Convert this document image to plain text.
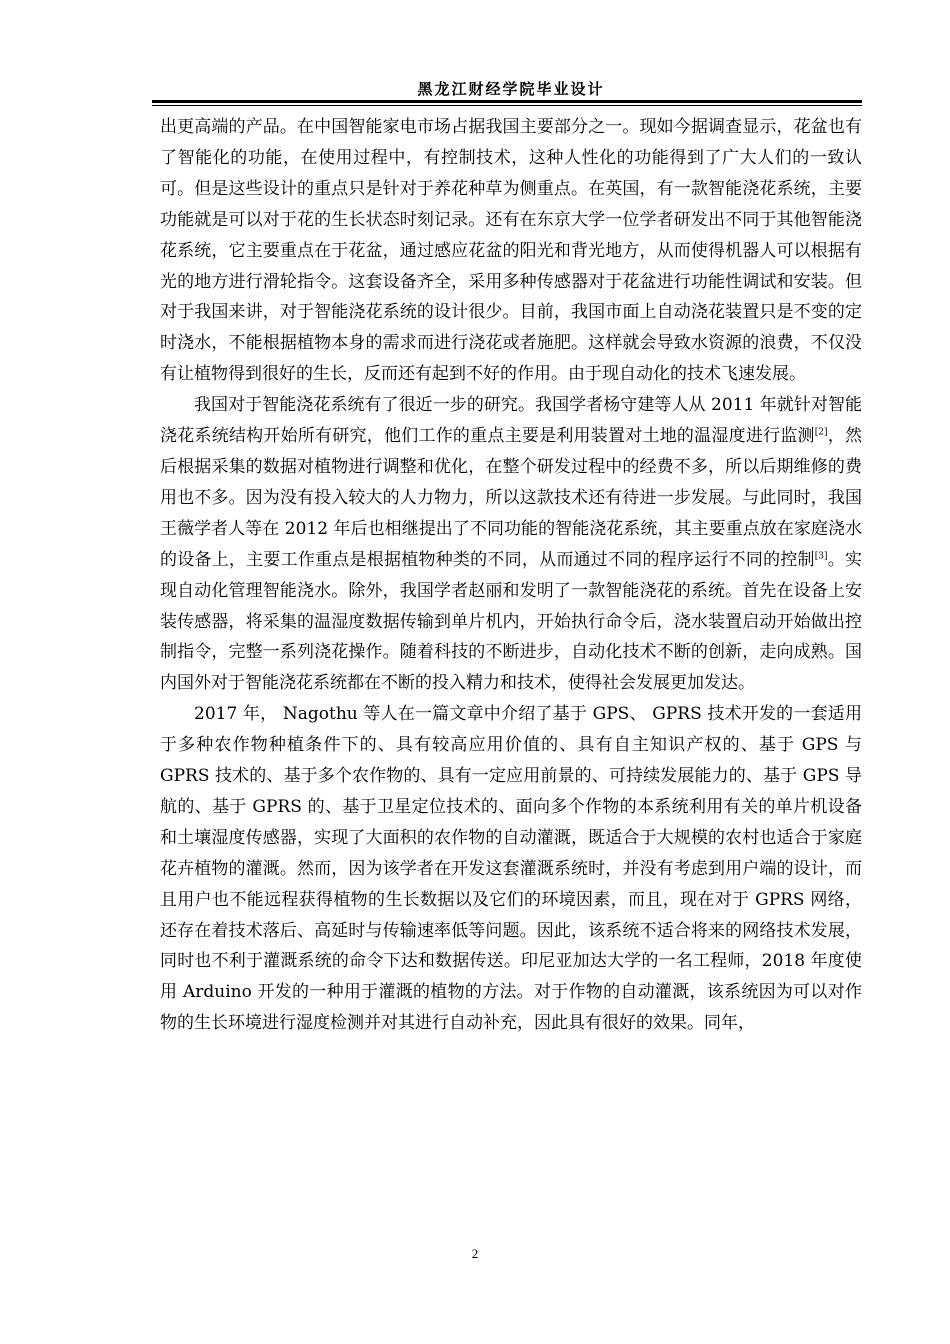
黑龙江财经学院毕业设计

出更高端的产品。在中国智能家电市场占据我国主要部分之一。现如今据调查显示，花盆也有了智能化的功能，在使用过程中，有控制技术，这种人性化的功能得到了广大人们的一致认可。但是这些设计的重点只是针对于养花种草为侧重点。在英国，有一款智能浇花系统，主要功能就是可以对于花的生长状态时刻记录。还有在东京大学一位学者研发出不同于其他智能浇花系统，它主要重点在于花盆，通过感应花盆的阳光和背光地方，从而使得机器人可以根据有光的地方进行滑轮指令。这套设备齐全，采用多种传感器对于花盆进行功能性调试和安装。但对于我国来讲，对于智能浇花系统的设计很少。目前，我国市面上自动浇花装置只是不变的定时浇水，不能根据植物本身的需求而进行浇花或者施肥。这样就会导致水资源的浪费，不仅没有让植物得到很好的生长，反而还有起到不好的作用。由于现自动化的技术飞速发展。

我国对于智能浇花系统有了很近一步的研究。我国学者杨守建等人从 2011 年就针对智能浇花系统结构开始所有研究，他们工作的重点主要是利用装置对土地的温湿度进行监测[2]，然后根据采集的数据对植物进行调整和优化，在整个研发过程中的经费不多，所以后期维修的费用也不多。因为没有投入较大的人力物力，所以这款技术还有待进一步发展。与此同时，我国王薇学者人等在 2012 年后也相继提出了不同功能的智能浇花系统，其主要重点放在家庭浇水的设备上，主要工作重点是根据植物种类的不同，从而通过不同的程序运行不同的控制[3]。实现自动化管理智能浇水。除外，我国学者赵丽和发明了一款智能浇花的系统。首先在设备上安装传感器，将采集的温湿度数据传输到单片机内，开始执行命令后，浇水装置启动开始做出控制指令，完整一系列浇花操作。随着科技的不断进步，自动化技术不断的创新，走向成熟。国内国外对于智能浇花系统都在不断的投入精力和技术，使得社会发展更加发达。

2017 年， Nagothu 等人在一篇文章中介绍了基于 GPS、 GPRS 技术开发的一套适用于多种农作物种植条件下的、具有较高应用价值的、具有自主知识产权的、基于 GPS 与 GPRS 技术的、基于多个农作物的、具有一定应用前景的、可持续发展能力的、基于 GPS 导航的、基于 GPRS 的、基于卫星定位技术的、面向多个作物的本系统利用有关的单片机设备和土壤湿度传感器，实现了大面积的农作物的自动灌溉，既适合于大规模的农村也适合于家庭花卉植物的灌溉。然而，因为该学者在开发这套灌溉系统时，并没有考虑到用户端的设计，而且用户也不能远程获得植物的生长数据以及它们的环境因素，而且，现在对于 GPRS 网络，还存在着技术落后、高延时与传输速率低等问题。因此，该系统不适合将来的网络技术发展，同时也不利于灌溉系统的命令下达和数据传送。印尼亚加达大学的一名工程师，2018 年度使用 Arduino 开发的一种用于灌溉的植物的方法。对于作物的自动灌溉，该系统因为可以对作物的生长环境进行湿度检测并对其进行自动补充，因此具有很好的效果。同年，

2
